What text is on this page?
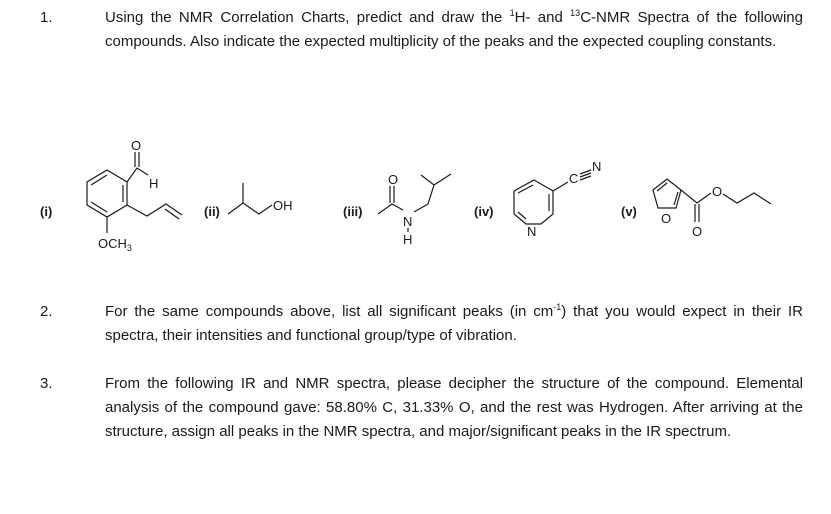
1.	Using the NMR Correlation Charts, predict and draw the $^1$H- and $^{13}$C-NMR Spectra of the following compounds. Also indicate the expected multiplicity of the peaks and the expected coupling constants.
(i)
O
H
$OCH_3$
(ii)	OH	(iii)
O
N
H
(iv)
N
C
N
(v) O
O
O
2.	For the same compounds above, list all significant peaks (in $cm^{-1}$) that you would expect in their IR spectra, their intensities and functional group/type of vibration.
3.	From the following IR and NMR spectra, please decipher the structure of the compound. Elemental analysis of the compound gave: 58.80% C, 31.33% O, and the rest was Hydrogen. After arriving at the structure, assign all peaks in the NMR spectra, and major/significant peaks in the IR spectrum.
